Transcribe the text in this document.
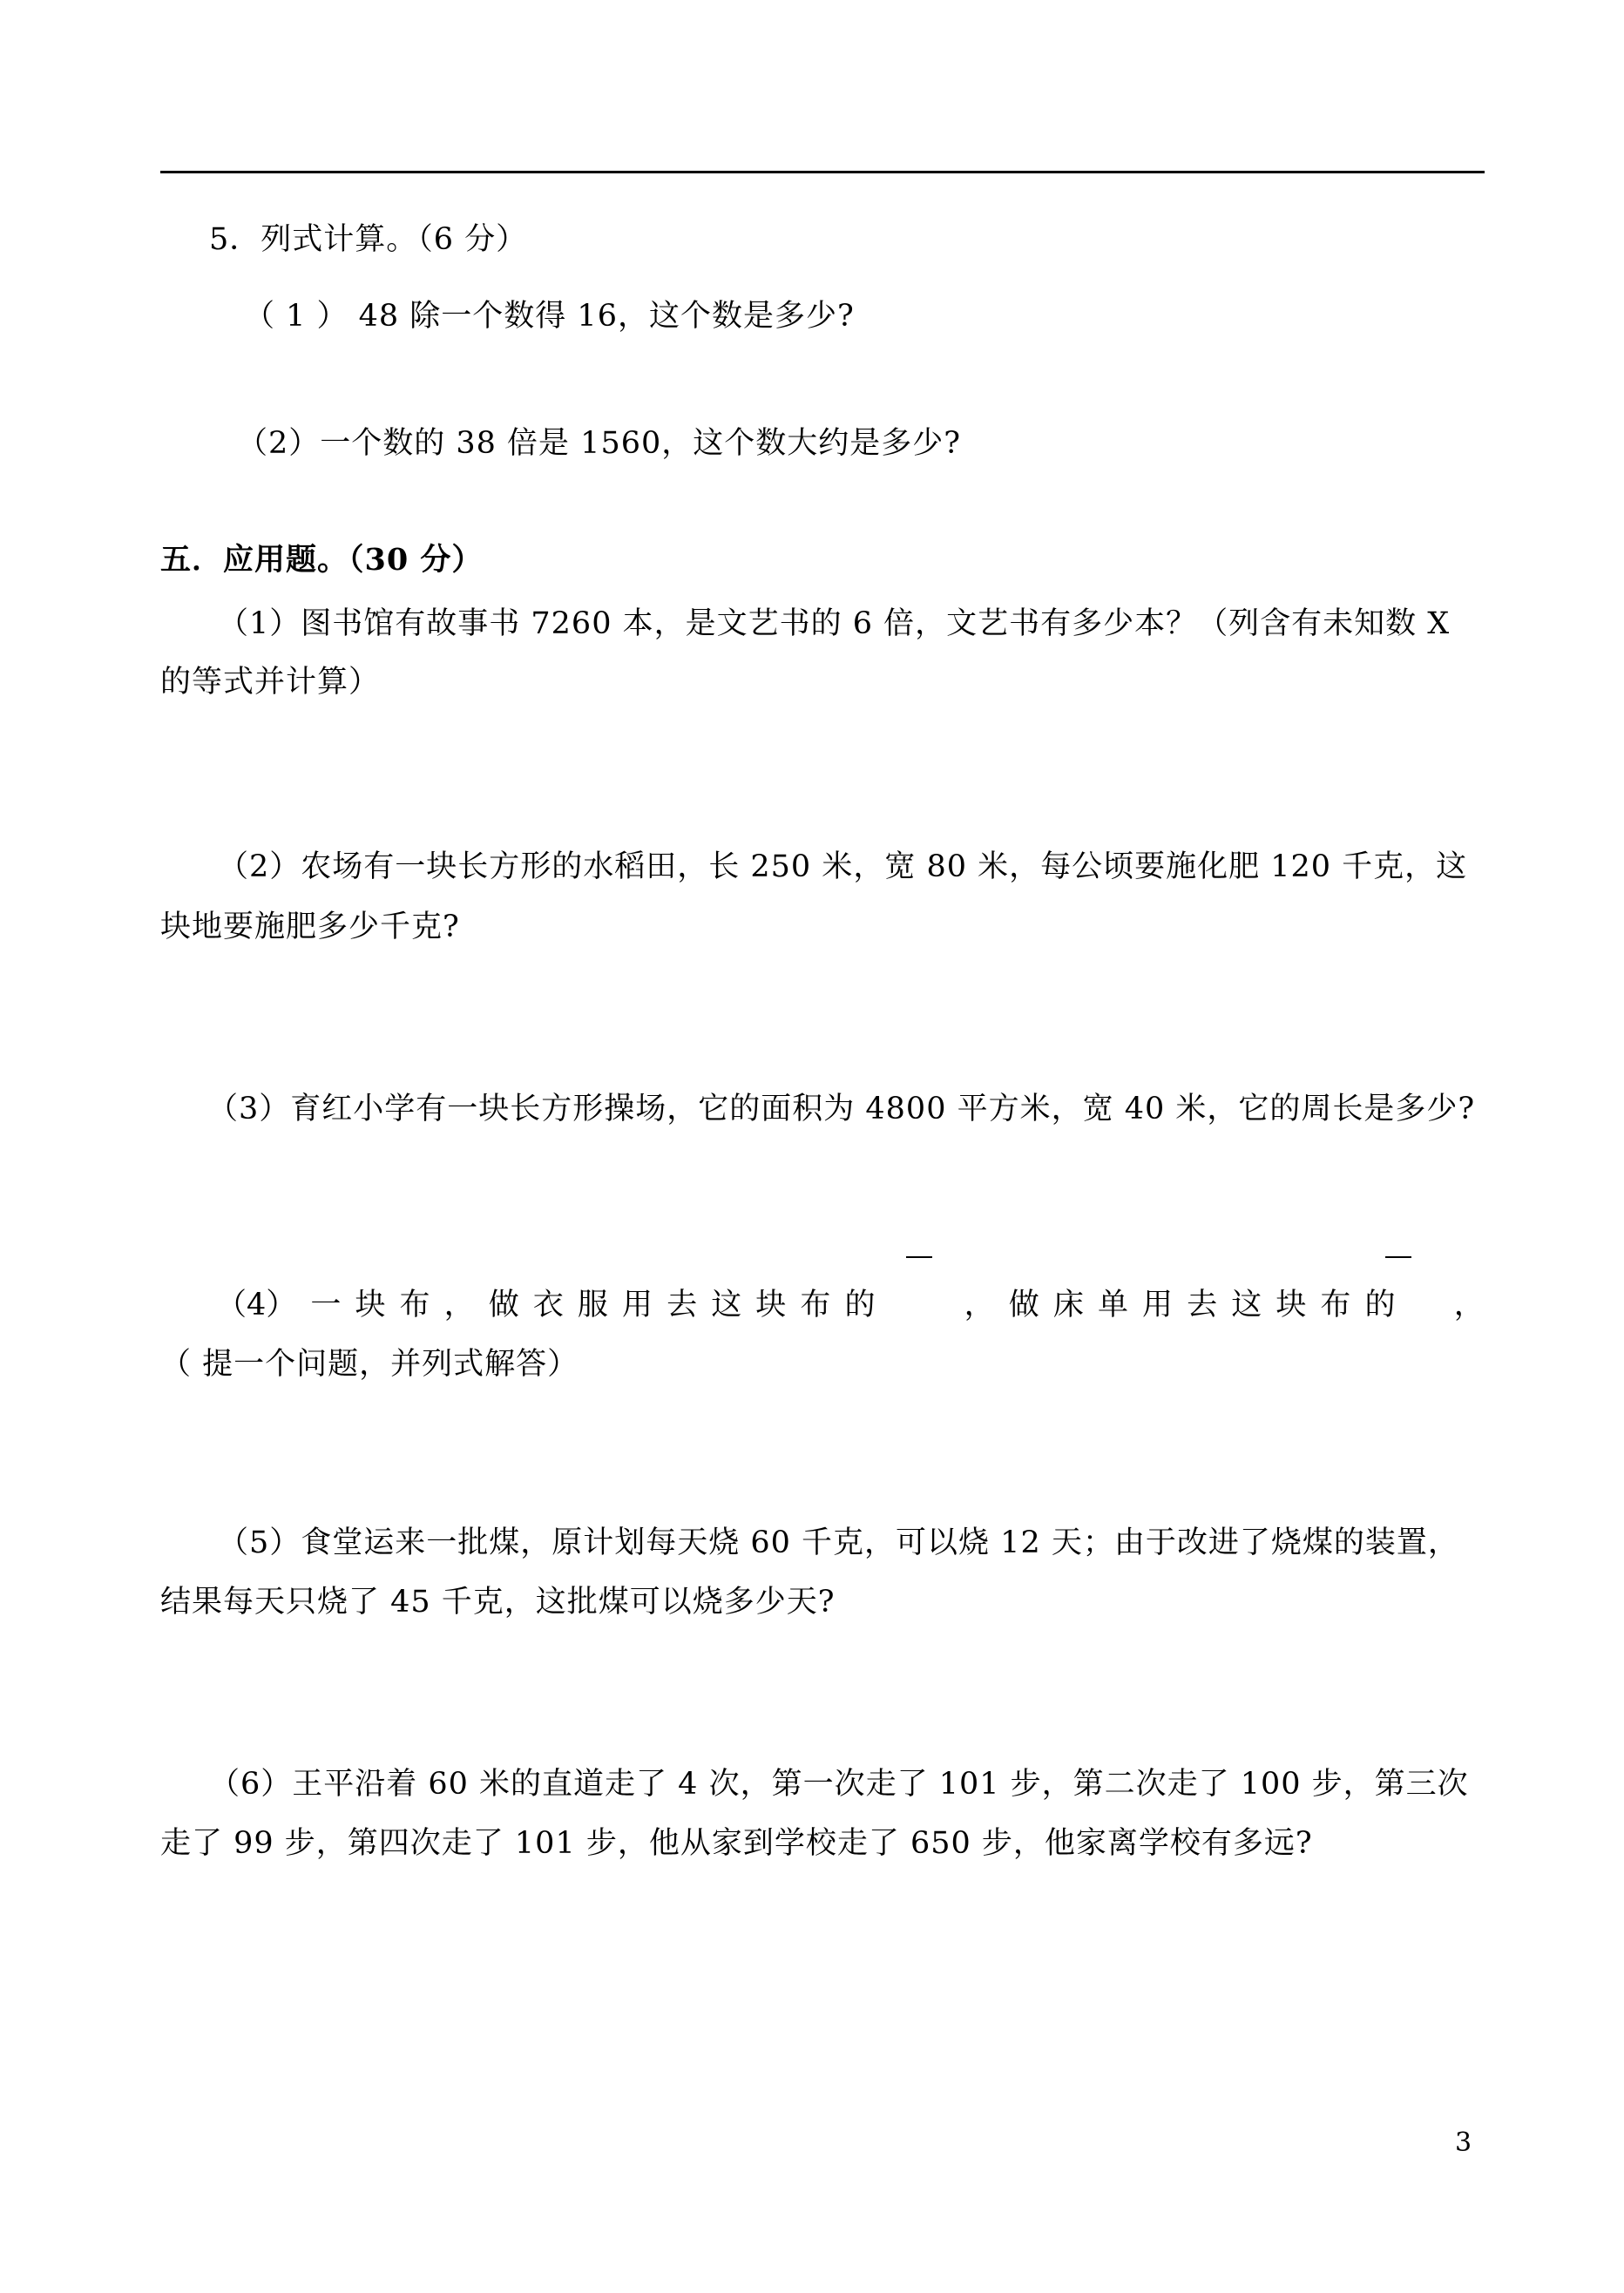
5．列式计算。（6 分）
（ 1 ） 48 除一个数得 16，这个数是多少?
（2）一个数的 38 倍是 1560，这个数大约是多少?
五．应用题。（30 分）
（1）图书馆有故事书 7260 本，是文艺书的 6 倍，文艺书有多少本？（列含有未知数 X
的等式并计算）
（2）农场有一块长方形的水稻田，长 250 米，宽 80 米，每公顷要施化肥 120 千克，这
块地要施肥多少千克?
（3）育红小学有一块长方形操场，它的面积为 4800 平方米，宽 40 米，它的周长是多少?
（4） 一 块 布 ， 做 衣 服 用 去 这 块 布 的
　　	， 做 床 单 用 去 这 块 布 的
　 ，
（ 提一个问题，并列式解答）
（5）食堂运来一批煤，原计划每天烧 60 千克，可以烧 12 天；由于改进了烧煤的装置，
结果每天只烧了 45 千克，这批煤可以烧多少天?
（6）王平沿着 60 米的直道走了 4 次，第一次走了 101 步，第二次走了 100 步，第三次
走了 99 步，第四次走了 101 步，他从家到学校走了 650 步，他家离学校有多远?
3
